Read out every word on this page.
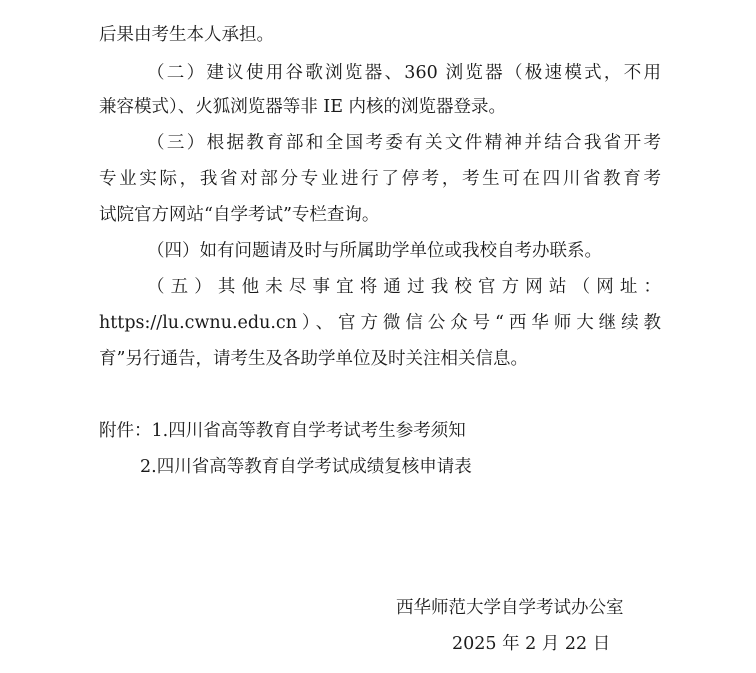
后果由考生本人承担。
（二）建议使用谷歌浏览器、360 浏览器（极速模式，不用
兼容模式）、火狐浏览器等非 IE 内核的浏览器登录。
（三）根据教育部和全国考委有关文件精神并结合我省开考
专业实际，我省对部分专业进行了停考，考生可在四川省教育考
试院官方网站“自学考试”专栏查询。
（四）如有问题请及时与所属助学单位或我校自考办联系。
（五）其他未尽事宜将通过我校官方网站（网址：
https://lu.cwnu.edu.cn）、官方微信公众号“西华师大继续教
育”另行通告，请考生及各助学单位及时关注相关信息。
附件：1.四川省高等教育自学考试考生参考须知
2.四川省高等教育自学考试成绩复核申请表
西华师范大学自学考试办公室
2025 年 2 月 22 日
